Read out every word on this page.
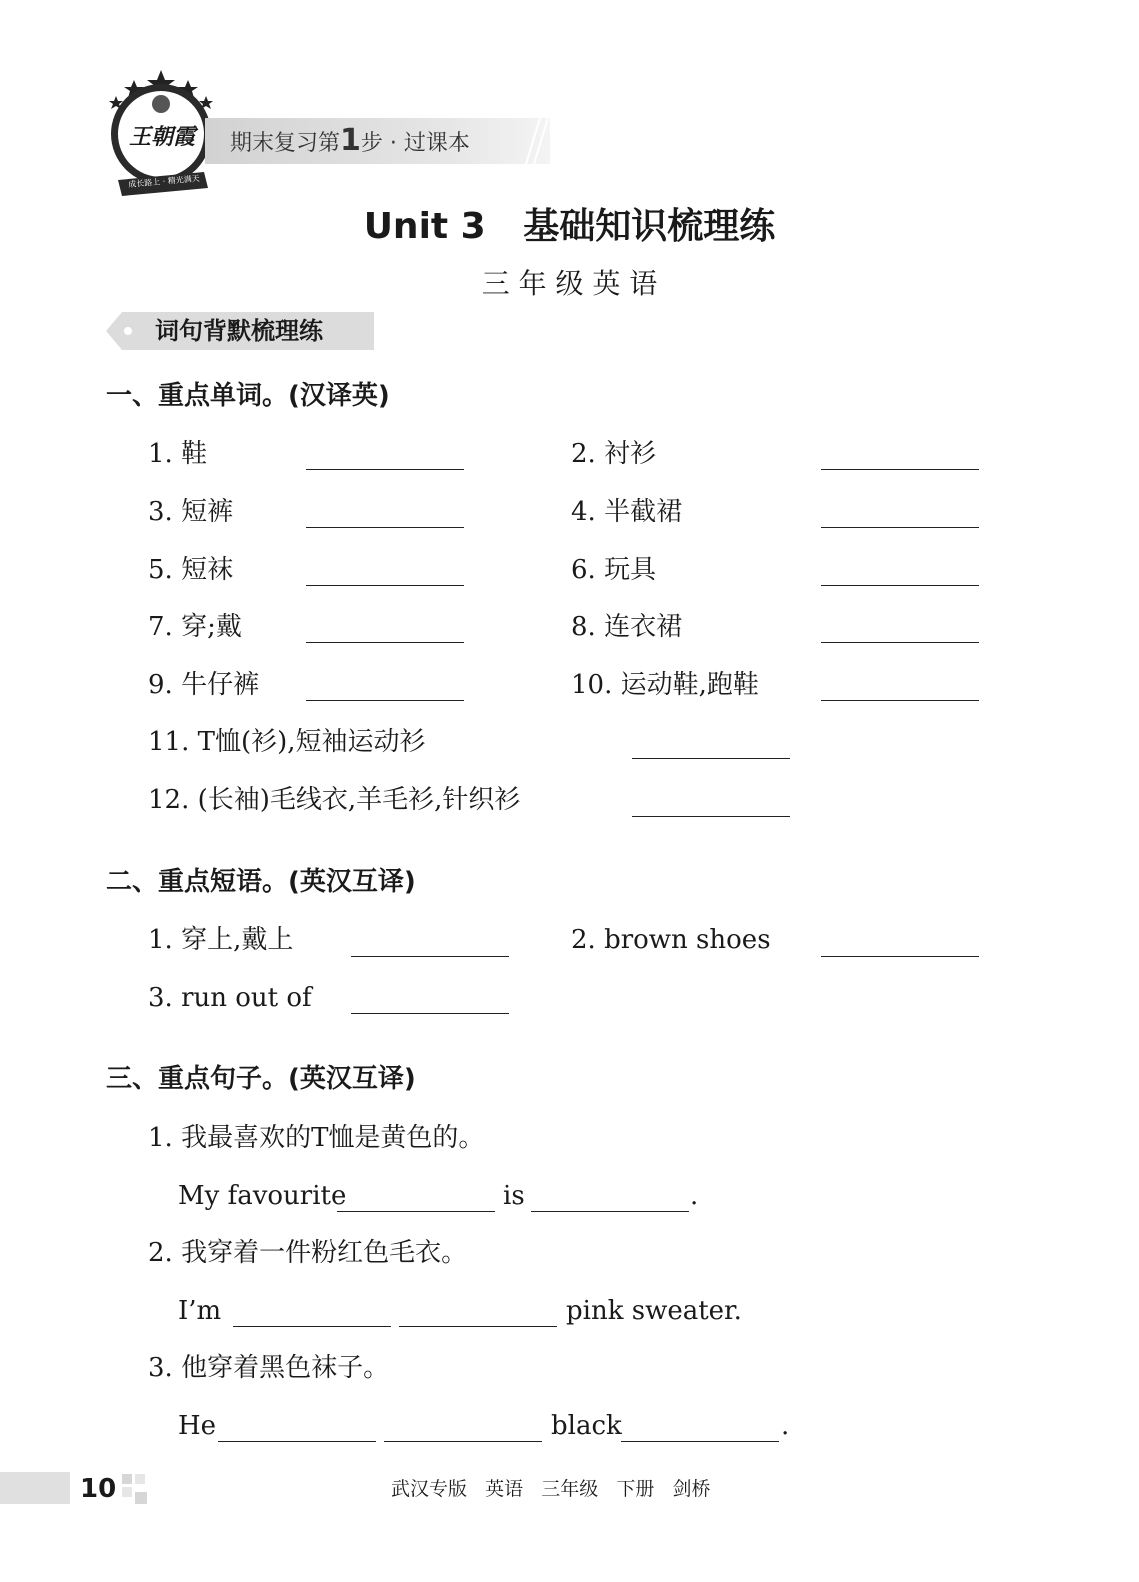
王朝霞
成长路上 · 精光满天
期末复习第1步 · 过课本
Unit 3   基础知识梳理练
三 年 级 英 语
词句背默梳理练
一、重点单词。(汉译英)
1. 鞋	2. 衬衫
3. 短裤	4. 半截裙
5. 短袜	6. 玩具
7. 穿;戴	8. 连衣裙
9. 牛仔裤	10. 运动鞋,跑鞋
11. T恤(衫),短袖运动衫
12. (长袖)毛线衣,羊毛衫,针织衫
二、重点短语。(英汉互译)
1. 穿上,戴上	2. brown shoes
3. run out of
三、重点句子。(英汉互译)
1. 我最喜欢的T恤是黄色的。
My favourite	is	.
2. 我穿着一件粉红色毛衣。
I’m	pink sweater.
3. 他穿着黑色袜子。
He	black	.
10	武汉专版   英语   三年级   下册   剑桥
